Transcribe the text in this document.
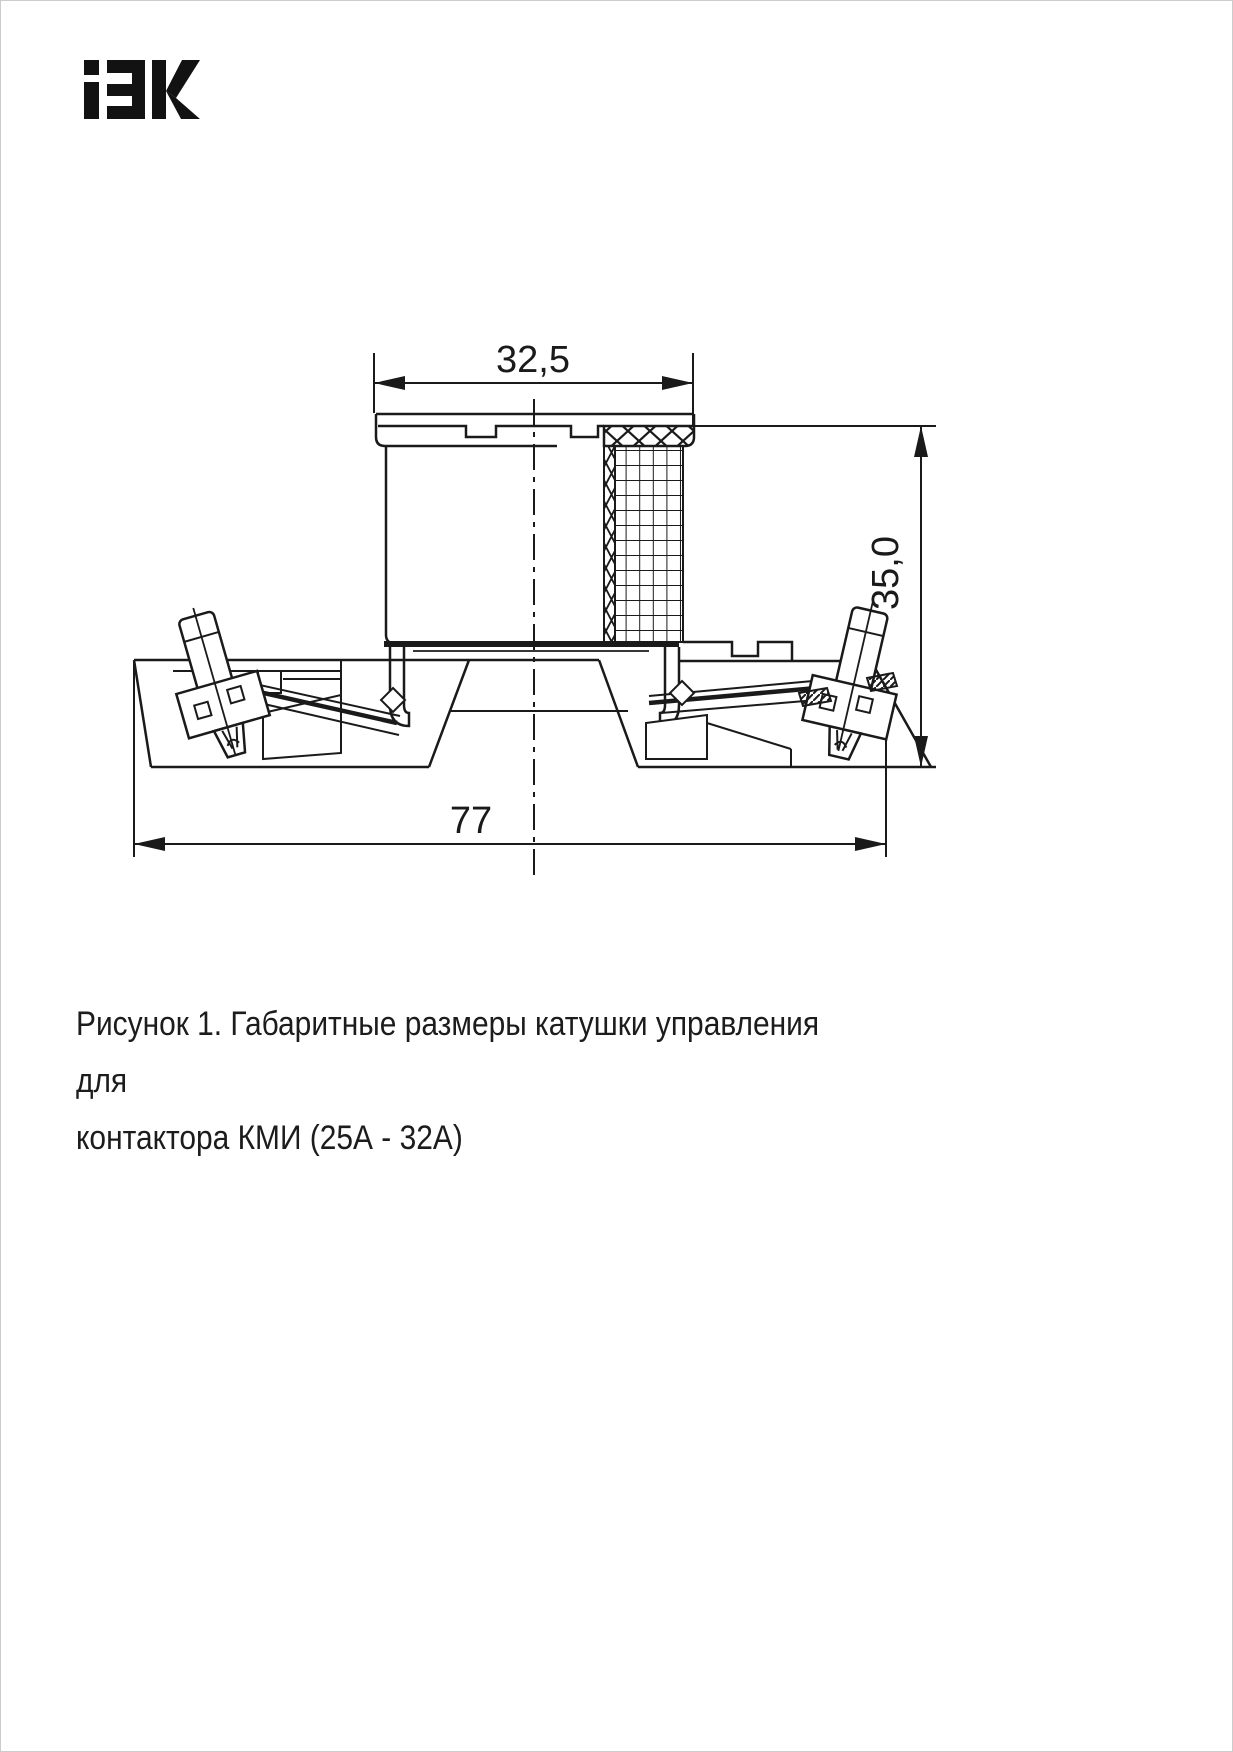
32,5
35,0
77
Рисунок 1. Габаритные размеры катушки управления для
контактора КМИ (25А - 32А)
